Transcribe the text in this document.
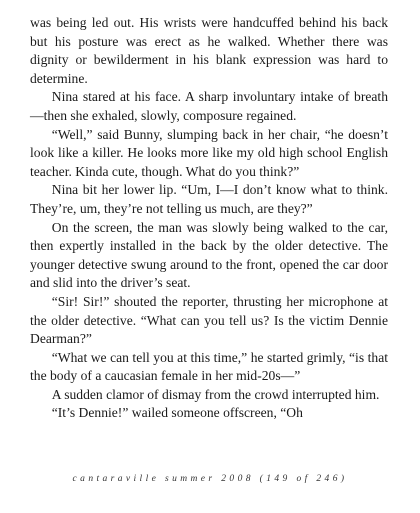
was being led out. His wrists were handcuffed behind his back but his posture was erect as he walked. Whether there was dignity or bewilderment in his blank expression was hard to determine.

Nina stared at his face. A sharp involuntary intake of breath—then she exhaled, slowly, composure regained.

“Well,” said Bunny, slumping back in her chair, “he doesn’t look like a killer. He looks more like my old high school English teacher. Kinda cute, though. What do you think?”

Nina bit her lower lip. “Um, I—I don’t know what to think. They’re, um, they’re not telling us much, are they?”

On the screen, the man was slowly being walked to the car, then expertly installed in the back by the older detective. The younger detective swung around to the front, opened the car door and slid into the driver’s seat.

“Sir! Sir!” shouted the reporter, thrusting her microphone at the older detective. “What can you tell us? Is the victim Dennie Dearman?”

“What we can tell you at this time,” he started grimly, “is that the body of a caucasian female in her mid-20s—”

A sudden clamor of dismay from the crowd interrupted him.

“It’s Dennie!” wailed someone offscreen, “Oh

cantaraville summer 2008 (149 of 246)
